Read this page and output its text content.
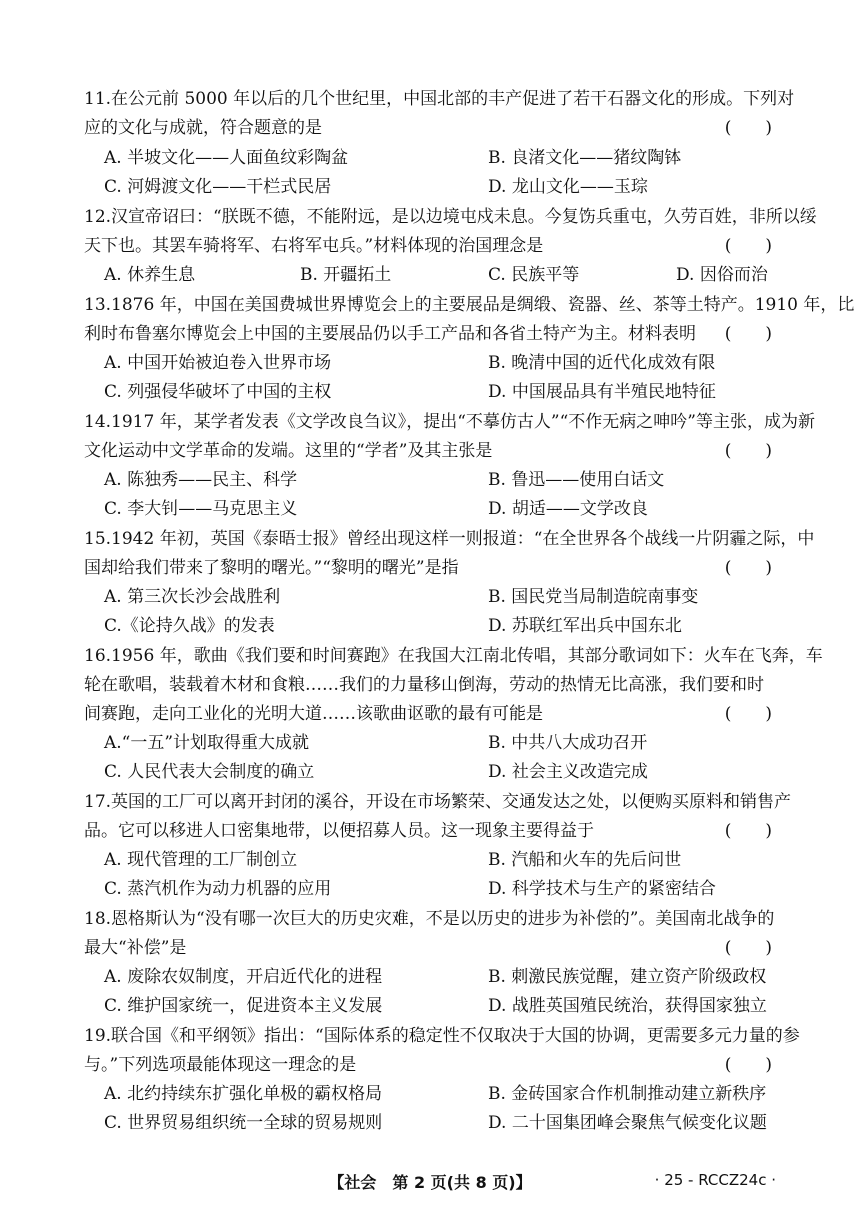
11.在公元前 5000 年以后的几个世纪里，中国北部的丰产促进了若干石器文化的形成。下列对
应的文化与成就，符合题意的是	(　　)
A. 半坡文化——人面鱼纹彩陶盆	B. 良渚文化——猪纹陶钵
C. 河姆渡文化——干栏式民居	D. 龙山文化——玉琮
12.汉宣帝诏曰：“朕既不德，不能附远，是以边境屯戍未息。今复饬兵重屯，久劳百姓，非所以绥
天下也。其罢车骑将军、右将军屯兵。”材料体现的治国理念是	(　　)
A. 休养生息	B. 开疆拓土	C. 民族平等	D. 因俗而治
13.1876 年，中国在美国费城世界博览会上的主要展品是绸缎、瓷器、丝、茶等土特产。1910 年，比
利时布鲁塞尔博览会上中国的主要展品仍以手工产品和各省土特产为主。材料表明 (　　)
A. 中国开始被迫卷入世界市场	B. 晚清中国的近代化成效有限
C. 列强侵华破坏了中国的主权	D. 中国展品具有半殖民地特征
14.1917 年，某学者发表《文学改良刍议》，提出“不摹仿古人”“不作无病之呻吟”等主张，成为新
文化运动中文学革命的发端。这里的“学者”及其主张是	(　　)
A. 陈独秀——民主、科学	B. 鲁迅——使用白话文
C. 李大钊——马克思主义	D. 胡适——文学改良
15.1942 年初，英国《泰晤士报》曾经出现这样一则报道：“在全世界各个战线一片阴霾之际，中
国却给我们带来了黎明的曙光。”“黎明的曙光”是指	(　　)
A. 第三次长沙会战胜利	B. 国民党当局制造皖南事变
C.《论持久战》的发表	D. 苏联红军出兵中国东北
16.1956 年，歌曲《我们要和时间赛跑》在我国大江南北传唱，其部分歌词如下：火车在飞奔，车
轮在歌唱，装载着木材和食粮……我们的力量移山倒海，劳动的热情无比高涨，我们要和时
间赛跑，走向工业化的光明大道……该歌曲讴歌的最有可能是	(　　)
A.“一五”计划取得重大成就	B. 中共八大成功召开
C. 人民代表大会制度的确立	D. 社会主义改造完成
17.英国的工厂可以离开封闭的溪谷，开设在市场繁荣、交通发达之处，以便购买原料和销售产
品。它可以移进人口密集地带，以便招募人员。这一现象主要得益于	(　　)
A. 现代管理的工厂制创立	B. 汽船和火车的先后问世
C. 蒸汽机作为动力机器的应用	D. 科学技术与生产的紧密结合
18.恩格斯认为“没有哪一次巨大的历史灾难，不是以历史的进步为补偿的”。美国南北战争的
最大“补偿”是	(　　)
A. 废除农奴制度，开启近代化的进程	B. 刺激民族觉醒，建立资产阶级政权
C. 维护国家统一，促进资本主义发展	D. 战胜英国殖民统治，获得国家独立
19.联合国《和平纲领》指出：“国际体系的稳定性不仅取决于大国的协调，更需要多元力量的参
与。”下列选项最能体现这一理念的是	(　　)
A. 北约持续东扩强化单极的霸权格局	B. 金砖国家合作机制推动建立新秩序
C. 世界贸易组织统一全球的贸易规则	D. 二十国集团峰会聚焦气候变化议题
【社会　第 2 页(共 8 页)】	· 25 - RCCZ24c ·
